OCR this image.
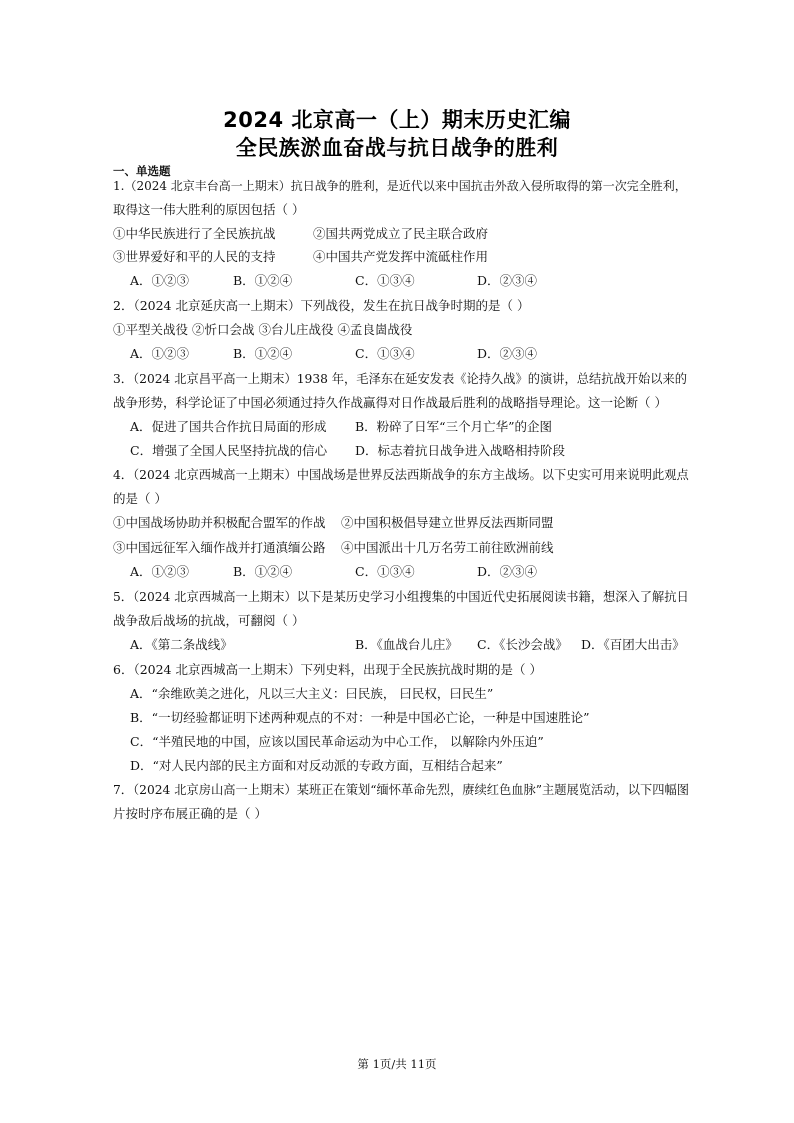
2024 北京高一（上）期末历史汇编
全民族淤血奋战与抗日战争的胜利
一、单选题
1.（2024 北京丰台高一上期末）抗日战争的胜利，是近代以来中国抗击外敌入侵所取得的第一次完全胜利，
取得这一伟大胜利的原因包括（ ）
①中华民族进行了全民族抗战	②国共两党成立了民主联合政府
③世界爱好和平的人民的支持	④中国共产党发挥中流砥柱作用
A．①②③	B．①②④	C．①③④	D．②③④
2．（2024 北京延庆高一上期末）下列战役，发生在抗日战争时期的是（ ）
①平型关战役 ②忻口会战 ③台儿庄战役 ④孟良崮战役
A．①②③	B．①②④	C．①③④	D．②③④
3．（2024 北京昌平高一上期末）1938 年，毛泽东在延安发表《论持久战》的演讲，总结抗战开始以来的
战争形势，科学论证了中国必须通过持久作战赢得对日作战最后胜利的战略指导理论。这一论断（ ）
A．促进了国共合作抗日局面的形成 B．粉碎了日军“三个月亡华”的企图
C．增强了全国人民坚持抗战的信心 D．标志着抗日战争进入战略相持阶段
4．（2024 北京西城高一上期末）中国战场是世界反法西斯战争的东方主战场。以下史实可用来说明此观点
的是（ ）
①中国战场协助并积极配合盟军的作战 ②中国积极倡导建立世界反法西斯同盟
③中国远征军入缅作战并打通滇缅公路 ④中国派出十几万名劳工前往欧洲前线
A．①②③	B．①②④	C．①③④	D．②③④
5．（2024 北京西城高一上期末）以下是某历史学习小组搜集的中国近代史拓展阅读书籍，想深入了解抗日
战争敌后战场的抗战，可翻阅（ ）
A．《第二条战线》	B．《血战台儿庄》 C．《长沙会战》 D．《百团大出击》
6．（2024 北京西城高一上期末）下列史料，出现于全民族抗战时期的是（ ）
A．“余维欧美之进化，凡以三大主义：曰民族， 曰民权，曰民生”
B．“一切经验都证明下述两种观点的不对：一种是中国必亡论，一种是中国速胜论”
C．“半殖民地的中国，应该以国民革命运动为中心工作， 以解除内外压迫”
D．“对人民内部的民主方面和对反动派的专政方面，互相结合起来”
7．（2024 北京房山高一上期末）某班正在策划“缅怀革命先烈，赓续红色血脉”主题展览活动，以下四幅图
片按时序布展正确的是（ ）
第 1页/共 11页
